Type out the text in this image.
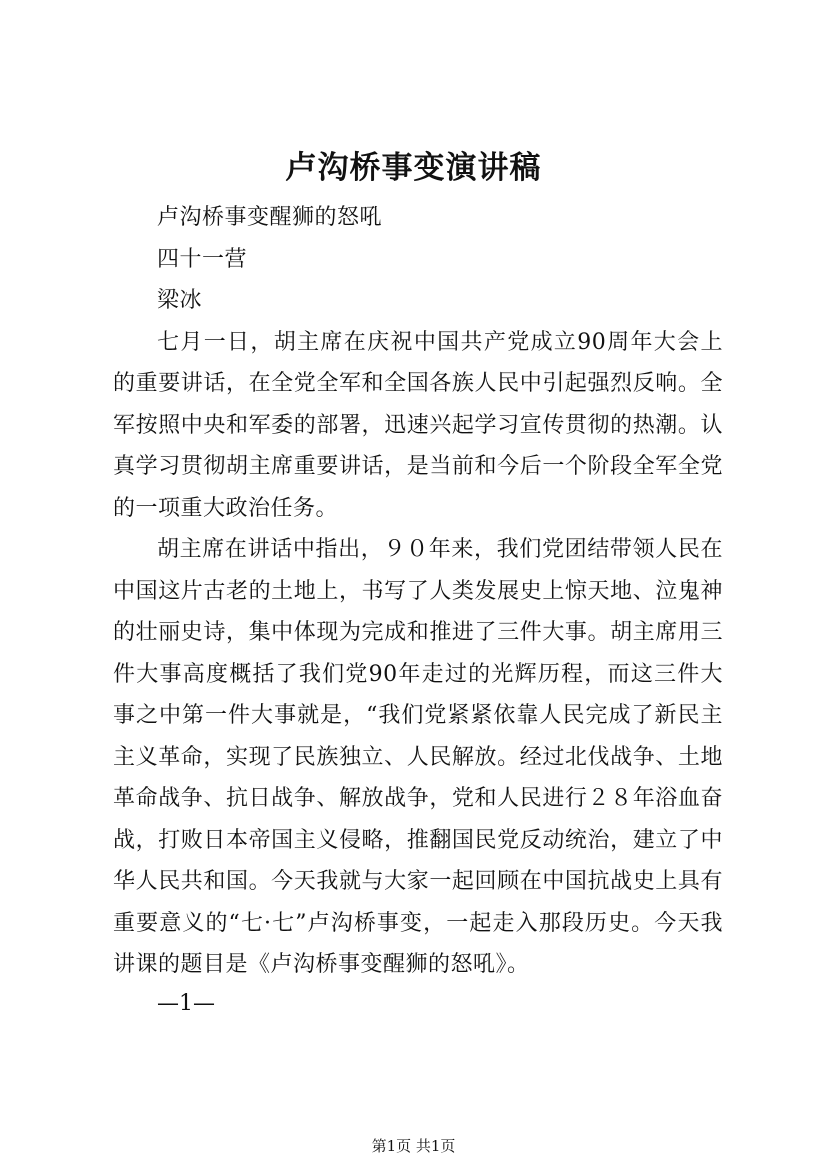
卢沟桥事变演讲稿

卢沟桥事变醒狮的怒吼

四十一营

梁冰

七月一日，胡主席在庆祝中国共产党成立90周年大会上的重要讲话，在全党全军和全国各族人民中引起强烈反响。全军按照中央和军委的部署，迅速兴起学习宣传贯彻的热潮。认真学习贯彻胡主席重要讲话，是当前和今后一个阶段全军全党的一项重大政治任务。

胡主席在讲话中指出，９０年来，我们党团结带领人民在中国这片古老的土地上，书写了人类发展史上惊天地、泣鬼神的壮丽史诗，集中体现为完成和推进了三件大事。胡主席用三件大事高度概括了我们党90年走过的光辉历程，而这三件大事之中第一件大事就是，“我们党紧紧依靠人民完成了新民主主义革命，实现了民族独立、人民解放。经过北伐战争、土地革命战争、抗日战争、解放战争，党和人民进行２８年浴血奋战，打败日本帝国主义侵略，推翻国民党反动统治，建立了中华人民共和国。今天我就与大家一起回顾在中国抗战史上具有重要意义的“七·七”卢沟桥事变，一起走入那段历史。今天我讲课的题目是《卢沟桥事变醒狮的怒吼》。

—1—
第1页 共1页
